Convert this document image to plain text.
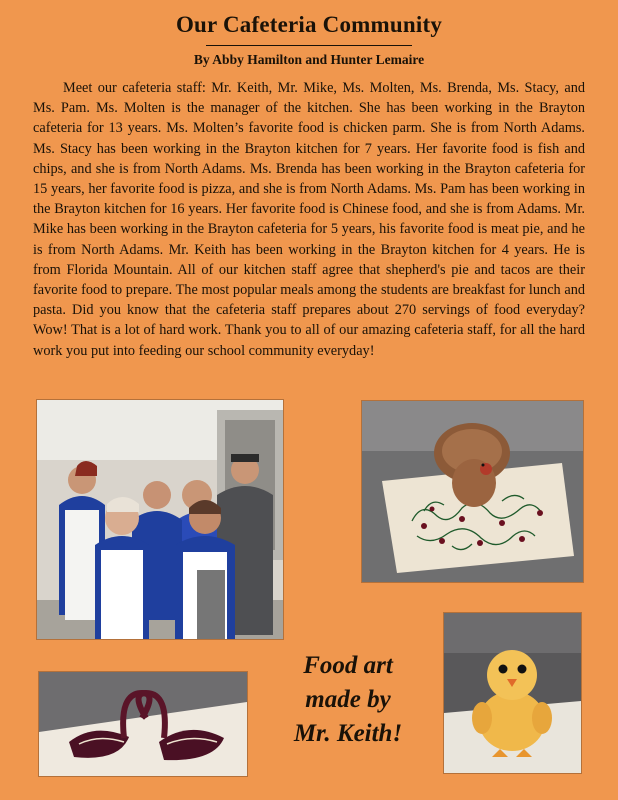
Our Cafeteria Community
By Abby Hamilton and Hunter Lemaire

Meet our cafeteria staff: Mr. Keith, Mr. Mike, Ms. Molten, Ms. Brenda, Ms. Stacy, and Ms. Pam. Ms. Molten is the manager of the kitchen. She has been working in the Brayton cafeteria for 13 years. Ms. Molten’s favorite food is chicken parm. She is from North Adams. Ms. Stacy has been working in the Brayton kitchen for 7 years. Her favorite food is fish and chips, and she is from North Adams. Ms. Brenda has been working in the Brayton cafeteria for 15 years, her favorite food is pizza, and she is from North Adams. Ms. Pam has been working in the Brayton kitchen for 16 years. Her favorite food is Chinese food, and she is from Adams. Mr. Mike has been working in the Brayton cafeteria for 5 years, his favorite food is meat pie, and he is from North Adams. Mr. Keith has been working in the Brayton kitchen for 4 years. He is from Florida Mountain. All of our kitchen staff agree that shepherd's pie and tacos are their favorite food to prepare. The most popular meals among the students are breakfast for lunch and pasta. Did you know that the cafeteria staff prepares about 270 servings of food everyday? Wow! That is a lot of hard work. Thank you to all of our amazing cafeteria staff, for all the hard work you put into feeding our school community everyday!

Food art
made by
Mr. Keith!
